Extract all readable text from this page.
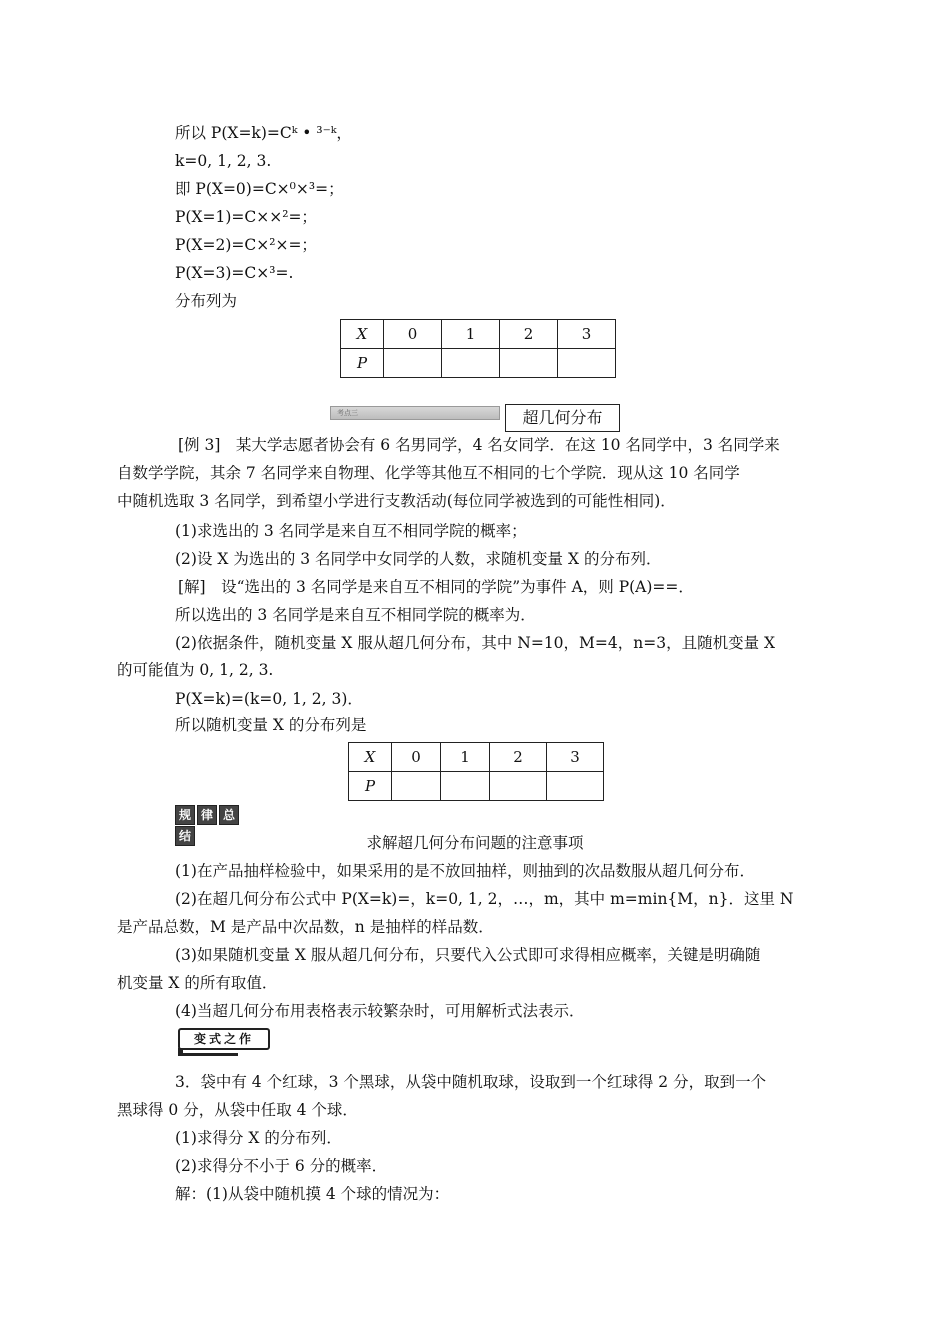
所以 P(X=k)=Cᵏ • ³⁻ᵏ，
k=0, 1, 2, 3.
即 P(X=0)=C×⁰×³=；
P(X=1)=C××²=；
P(X=2)=C×²×=；
P(X=3)=C×³=.
分布列为
X	0	1	2	3
P				
考点三	超几何分布
[例 3]　某大学志愿者协会有 6 名男同学，4 名女同学．在这 10 名同学中，3 名同学来
自数学学院，其余 7 名同学来自物理、化学等其他互不相同的七个学院．现从这 10 名同学
中随机选取 3 名同学，到希望小学进行支教活动(每位同学被选到的可能性相同)．
(1)求选出的 3 名同学是来自互不相同学院的概率；
(2)设 X 为选出的 3 名同学中女同学的人数，求随机变量 X 的分布列．
[解]　设“选出的 3 名同学是来自互不相同的学院”为事件 A，则 P(A)==．
所以选出的 3 名同学是来自互不相同学院的概率为．
(2)依据条件，随机变量 X 服从超几何分布，其中 N=10，M=4，n=3，且随机变量 X
的可能值为 0, 1, 2, 3.
P(X=k)=(k=0, 1, 2, 3)．
所以随机变量 X 的分布列是
X	0	1	2	3
P				
规 律 总结	求解超几何分布问题的注意事项
(1)在产品抽样检验中，如果采用的是不放回抽样，则抽到的次品数服从超几何分布．
(2)在超几何分布公式中 P(X=k)=，k=0, 1, 2，…，m，其中 m=min{M，n}．这里 N
是产品总数，M 是产品中次品数，n 是抽样的样品数．
(3)如果随机变量 X 服从超几何分布，只要代入公式即可求得相应概率，关键是明确随
机变量 X 的所有取值．
(4)当超几何分布用表格表示较繁杂时，可用解析式法表示．
变式之作
3．袋中有 4 个红球，3 个黑球，从袋中随机取球，设取到一个红球得 2 分，取到一个
黑球得 0 分，从袋中任取 4 个球．
(1)求得分 X 的分布列．
(2)求得分不小于 6 分的概率．
解：(1)从袋中随机摸 4 个球的情况为：
